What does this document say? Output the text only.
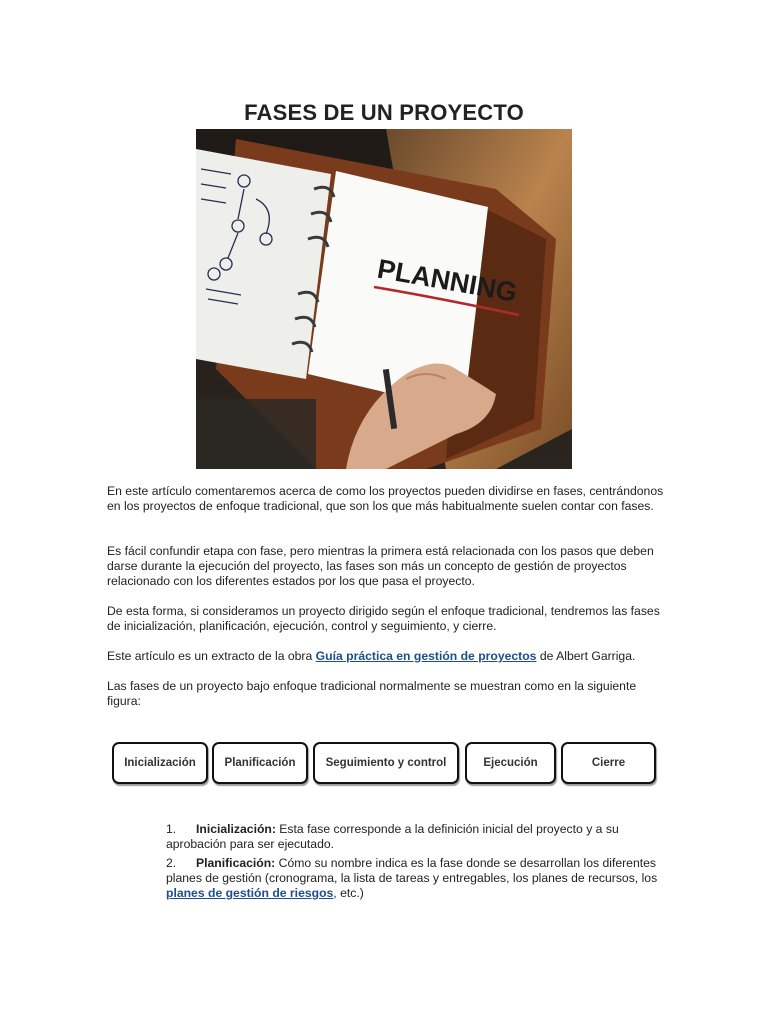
FASES DE UN PROYECTO
PLANNING
En este artículo comentaremos acerca de como los proyectos pueden dividirse en fases, centrándonos en los proyectos de enfoque tradicional, que son los que más habitualmente suelen contar con fases.
Es fácil confundir etapa con fase, pero mientras la primera está relacionada con los pasos que deben darse durante la ejecución del proyecto, las fases son más un concepto de gestión de proyectos relacionado con los diferentes estados por los que pasa el proyecto.
De esta forma, si consideramos un proyecto dirigido según el enfoque tradicional, tendremos las fases de inicialización, planificación, ejecución, control y seguimiento, y cierre.
Este artículo es un extracto de la obra Guía práctica en gestión de proyectos de Albert Garriga.
Las fases de un proyecto bajo enfoque tradicional normalmente se muestran como en la siguiente figura:
Inicialización	Planificación	Seguimiento y control	Ejecución	Cierre
1. Inicialización: Esta fase corresponde a la definición inicial del proyecto y a su aprobación para ser ejecutado.
2. Planificación: Cómo su nombre indica es la fase donde se desarrollan los diferentes planes de gestión (cronograma, la lista de tareas y entregables, los planes de recursos, los planes de gestión de riesgos, etc.)
